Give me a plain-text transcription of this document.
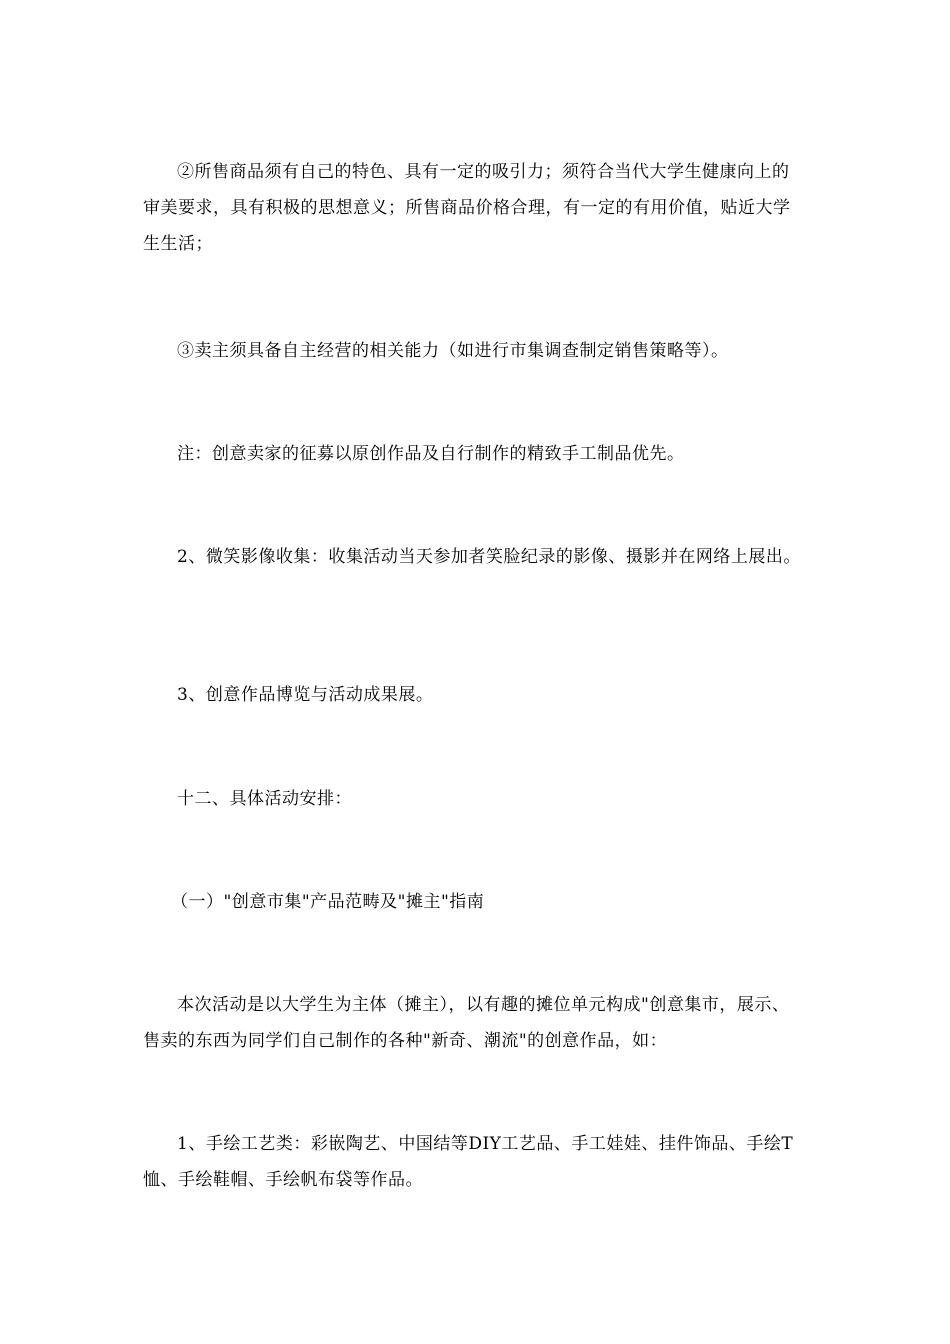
②所售商品须有自己的特色、具有一定的吸引力；须符合当代大学生健康向上的审美要求，具有积极的思想意义；所售商品价格合理，有一定的有用价值，贴近大学生生活；

③卖主须具备自主经营的相关能力（如进行市集调查制定销售策略等）。

注：创意卖家的征募以原创作品及自行制作的精致手工制品优先。

2、微笑影像收集：收集活动当天参加者笑脸纪录的影像、摄影并在网络上展出。

3、创意作品博览与活动成果展。

十二、具体活动安排：

（一）"创意市集"产品范畴及"摊主"指南

本次活动是以大学生为主体（摊主），以有趣的摊位单元构成"创意集市，展示、售卖的东西为同学们自己制作的各种"新奇、潮流"的创意作品，如：

1、手绘工艺类：彩嵌陶艺、中国结等DIY工艺品、手工娃娃、挂件饰品、手绘T恤、手绘鞋帽、手绘帆布袋等作品。
